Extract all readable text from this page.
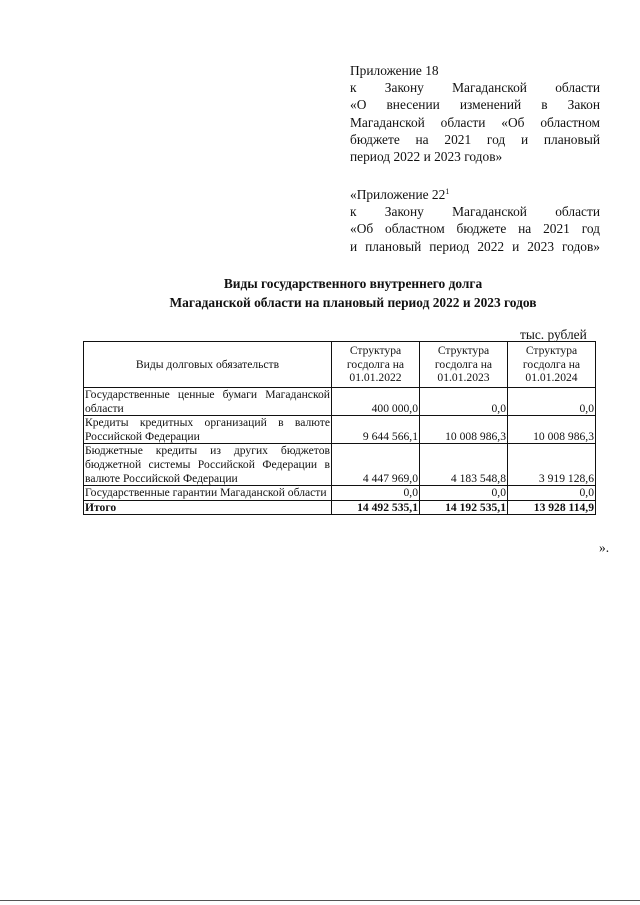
Приложение 18
к Закону Магаданской области
«О внесении изменений в Закон
Магаданской области «Об областном
бюджете на 2021 год и плановый
период 2022 и 2023 годов»
«Приложение $22^1$
к Закону Магаданской области
«Об областном бюджете на 2021 год
и плановый период 2022 и 2023 годов»
Виды государственного внутреннего долга
Магаданской области на плановый период 2022 и 2023 годов
тыс. рублей
Виды долговых обязательств	Структура госдолга на 01.01.2022	Структура госдолга на 01.01.2023	Структура госдолга на 01.01.2024
Государственные ценные бумаги Магаданской области	400 000,0	0,0	0,0
Кредиты кредитных организаций в валюте Российской Федерации	9 644 566,1	10 008 986,3	10 008 986,3
Бюджетные кредиты из других бюджетов бюджетной системы Российской Федерации в валюте Российской Федерации	4 447 969,0	4 183 548,8	3 919 128,6
Государственные гарантии Магаданской области	0,0	0,0	0,0
Итого	14 492 535,1	14 192 535,1	13 928 114,9
».
